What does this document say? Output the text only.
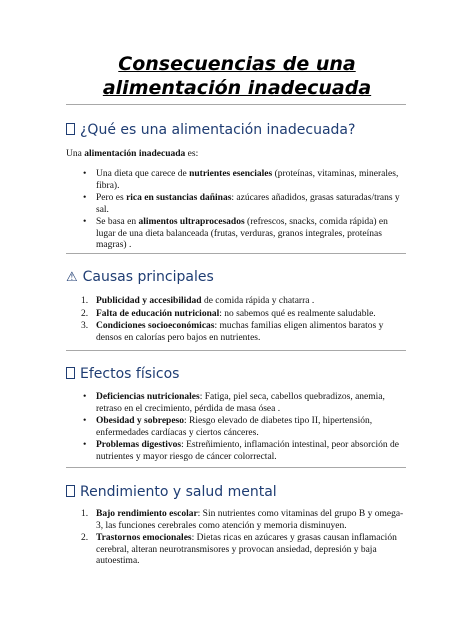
Consecuencias de una
alimentación inadecuada
¿Qué es una alimentación inadecuada?
Una alimentación inadecuada es:
• Una dieta que carece de nutrientes esenciales (proteínas, vitaminas, minerales, fibra).
• Pero es rica en sustancias dañinas: azúcares añadidos, grasas saturadas/trans y sal.
• Se basa en alimentos ultraprocesados (refrescos, snacks, comida rápida) en lugar de una dieta balanceada (frutas, verduras, granos integrales, proteínas magras) .
⚠ Causas principales
1. Publicidad y accesibilidad de comida rápida y chatarra .
2. Falta de educación nutricional: no sabemos qué es realmente saludable.
3. Condiciones socioeconómicas: muchas familias eligen alimentos baratos y densos en calorías pero bajos en nutrientes.
Efectos físicos
• Deficiencias nutricionales: Fatiga, piel seca, cabellos quebradizos, anemia, retraso en el crecimiento, pérdida de masa ósea .
• Obesidad y sobrepeso: Riesgo elevado de diabetes tipo II, hipertensión, enfermedades cardíacas y ciertos cánceres.
• Problemas digestivos: Estreñimiento, inflamación intestinal, peor absorción de nutrientes y mayor riesgo de cáncer colorrectal.
Rendimiento y salud mental
1. Bajo rendimiento escolar: Sin nutrientes como vitaminas del grupo B y omega-3, las funciones cerebrales como atención y memoria disminuyen.
2. Trastornos emocionales: Dietas ricas en azúcares y grasas causan inflamación cerebral, alteran neurotransmisores y provocan ansiedad, depresión y baja autoestima.
